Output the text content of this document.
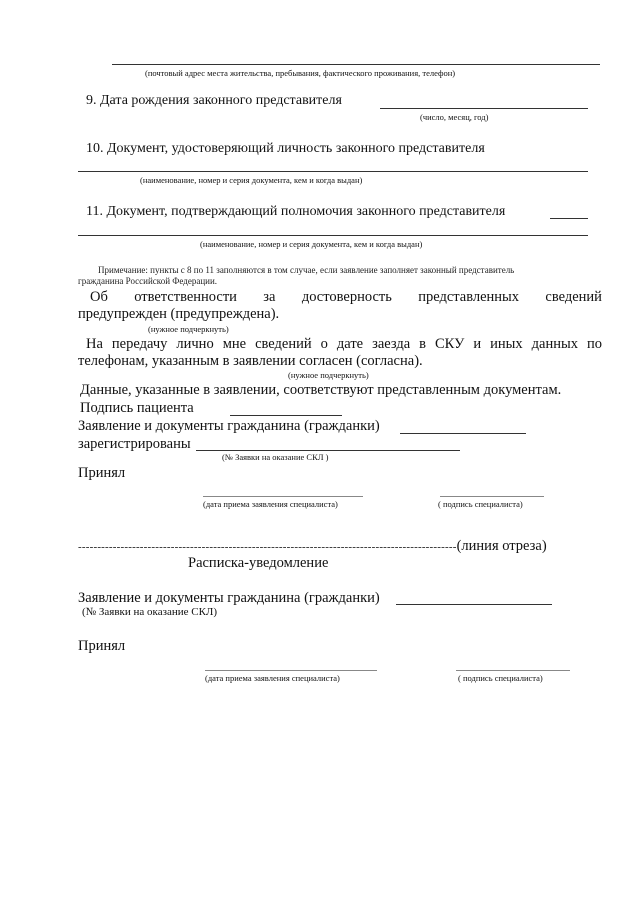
(почтовый адрес места жительства, пребывания, фактического проживания, телефон)
9. Дата рождения законного представителя
(число, месяц, год)
10. Документ, удостоверяющий личность законного представителя
(наименование, номер и серия документа, кем и когда выдан)
11. Документ, подтверждающий полномочия законного представителя
(наименование, номер и серия документа, кем и когда выдан)
Примечание: пункты с 8 по 11 заполняются в том случае, если заявление заполняет законный представитель
гражданина Российской Федерации.
Об ответственности за достоверность представленных сведений
предупрежден (предупреждена).
(нужное подчеркнуть)
На передачу лично мне сведений о дате заезда в СКУ и иных данных по
телефонам, указанным в заявлении согласен (согласна).
(нужное подчеркнуть)
Данные, указанные в заявлении, соответствуют представленным документам.
Подпись пациента
Заявление и документы гражданина (гражданки)
зарегистрированы
(№ Заявки на оказание СКЛ )
Принял
(дата приема заявления специалиста)	( подпись специалиста)
--------------------------------------------------------------------------------------------------(линия отреза)
Расписка-уведомление
Заявление и документы гражданина (гражданки)
(№ Заявки на оказание СКЛ)
Принял
(дата приема заявления специалиста)	( подпись специалиста)
